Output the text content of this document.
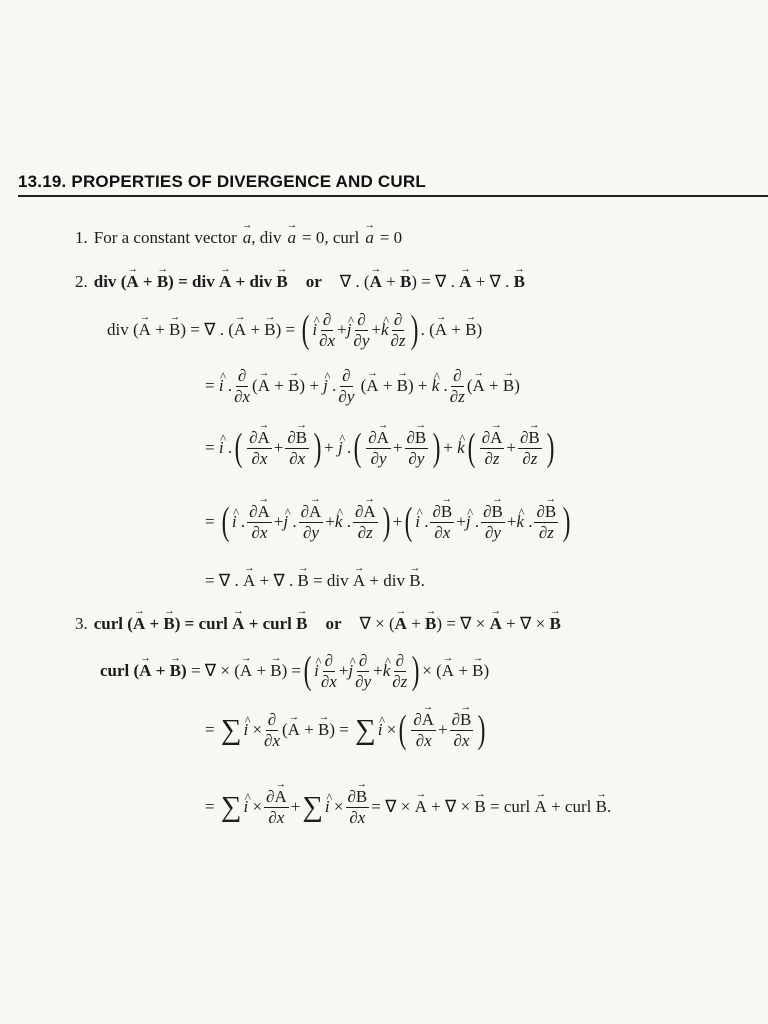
13.19. PROPERTIES OF DIVERGENCE AND CURL
1. For a constant vector → a , div → a = 0, curl → a = 0
2. div
( → A + → B ) = div
→ A + div
→ B or ∇ . ( → A + → B ) = ∇ . → A + ∇ . → B
div ( → A + → B ) = ∇ . ( → A + → B ) = ( ^ i $\frac{\partial}{\partial x}$ + ^ j $\frac{\partial}{\partial y}$ + ^ k $\frac{\partial}{\partial z}$ ) . ( → A + → B )
= ^ i . $\frac{\partial}{\partial x}$ ( → A + → B ) + ^ j . $\frac{\partial}{\partial y}$ ( → A + → B ) + ^ k . $\frac{\partial}{\partial z}$ ( → A + → B )
= ^ i . ( $\frac{\partial\to A}{\partial x} + \frac{\partial\to B}{\partial x}$ ) + ^ j . ( $\frac{\partial\to A}{\partial y} + \frac{\partial\to B}{\partial y}$ ) + ^ k ( $\frac{\partial\to A}{\partial z} + \frac{\partial\to B}{\partial z}$ )
= ( ^ i . $\frac{\partial\to A}{\partial x}$ + ^ j . $\frac{\partial\to A}{\partial y}$ + ^ k . $\frac{\partial\to A}{\partial z}$ ) + ( ^ i . $\frac{\partial\to B}{\partial x}$ + ^ j . $\frac{\partial\to B}{\partial y}$ + ^ k . $\frac{\partial\to B}{\partial z}$ )
= ∇ . → A + ∇ . → B
= div
→ A
+ div
→ B .
3. curl
( → A + → B ) = curl
→ A + curl
→ B or ∇ × ( → A + → B ) = ∇ × → A + ∇ × → B
curl
( → A + → B ) = ∇ × ( → A + → B ) = ( ^ i $\frac{\partial}{\partial x}$ + ^ j $\frac{\partial}{\partial y}$ + ^ k $\frac{\partial}{\partial z}$ ) × ( → A + → B )
= ∑ ^ $i \times \frac{\partial}{\partial x}$ ( → A + → B ) = ∑ ^ i × ( $\frac{\partial\to A}{\partial x} + \frac{\partial\to B}{\partial x}$ )
= ∑ ^ $i \times \frac{\partial\to A}{\partial x}$ + ∑ ^ $i \times \frac{\partial\to B}{\partial x}$ = ∇ × → A + ∇ × → B
= curl
→ A
+ curl
→ B .
